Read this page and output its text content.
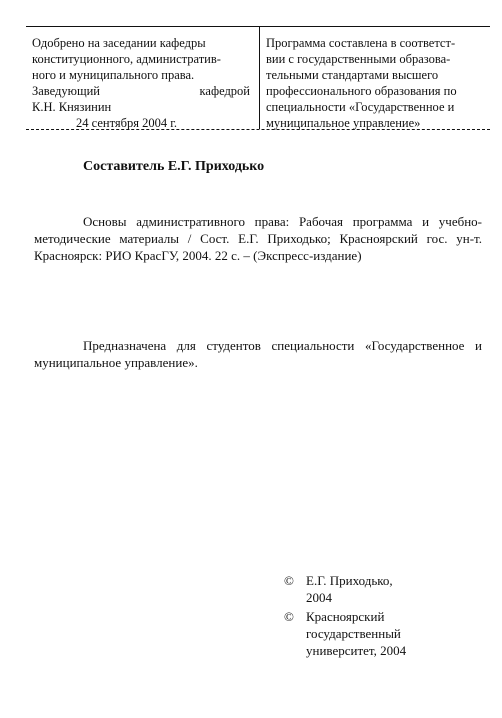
Одобрено на заседании кафедры
конституционного, административ-
ного и муниципального права.
Заведующий	кафедрой
К.Н. Князинин
24 сентября 2004 г.
Программа составлена в соответст-
вии с государственными образова-
тельными стандартами высшего
профессионального образования по
специальности «Государственное и
муниципальное управление»
Составитель Е.Г. Приходько
Основы административного права: Рабочая программа и учебно-методические материалы / Сост. Е.Г. Приходько; Красноярский гос. ун-т. Красноярск: РИО КрасГУ, 2004. 22 с. – (Экспресс-издание)
Предназначена для студентов специальности «Государственное и муниципальное управление».
© Е.Г. Приходько,
2004
© Красноярский
государственный
университет, 2004
